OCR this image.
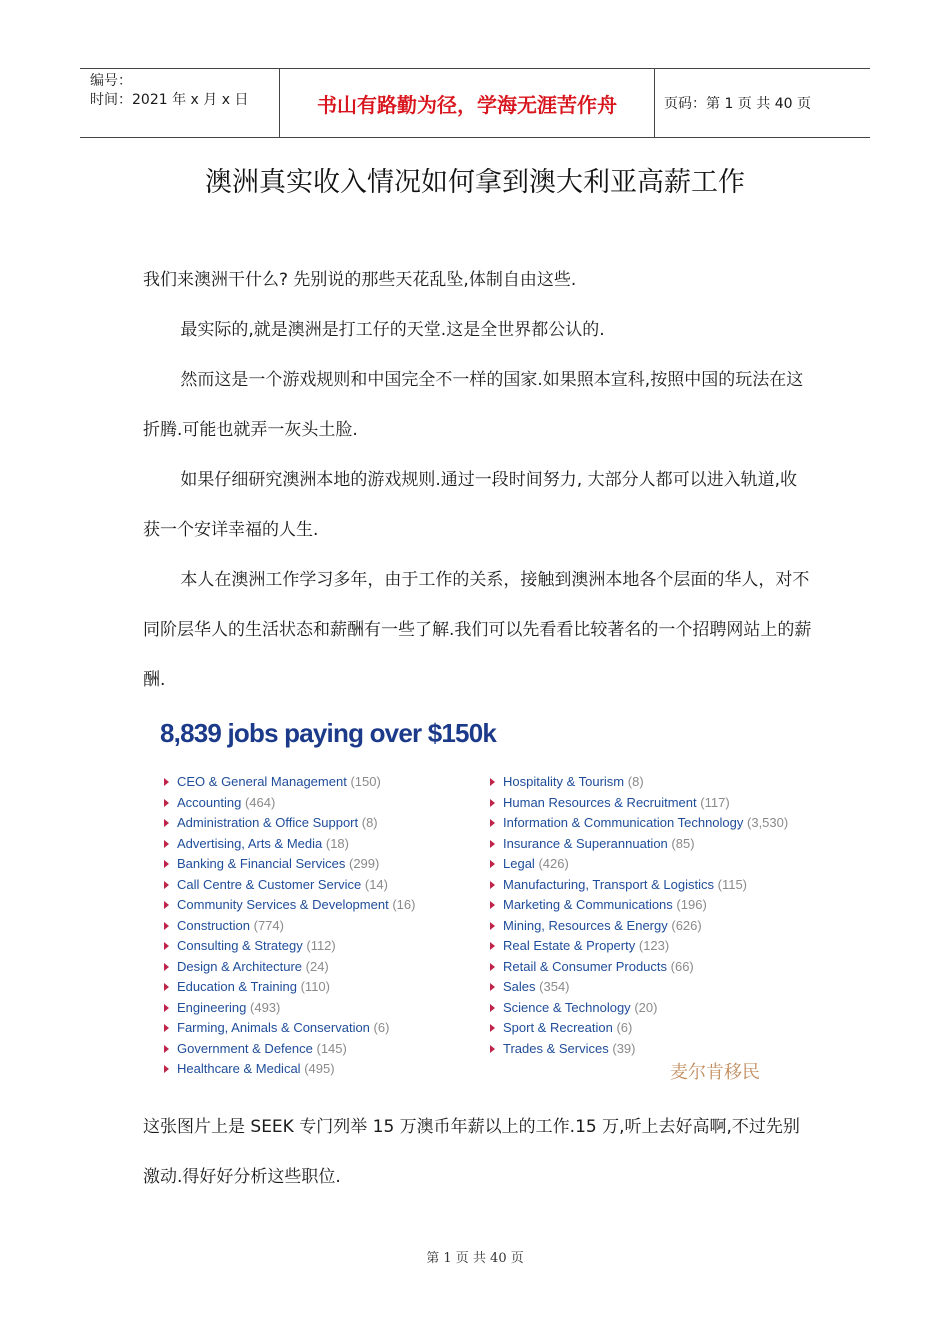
编号：
时间：2021 年 x 月 x 日	书山有路勤为径，学海无涯苦作舟	页码：第 1 页 共 40 页
澳洲真实收入情况如何拿到澳大利亚高薪工作

我们来澳洲干什么? 先别说的那些天花乱坠,体制自由这些.

最实际的,就是澳洲是打工仔的天堂.这是全世界都公认的.

然而这是一个游戏规则和中国完全不一样的国家.如果照本宣科,按照中国的玩法在这折腾.可能也就弄一灰头土脸.

如果仔细研究澳洲本地的游戏规则.通过一段时间努力, 大部分人都可以进入轨道,收获一个安详幸福的人生.

本人在澳洲工作学习多年，由于工作的关系，接触到澳洲本地各个层面的华人，对不同阶层华人的生活状态和薪酬有一些了解.我们可以先看看比较著名的一个招聘网站上的薪酬.

8,839 jobs paying over $150k
CEO & General Management (150)
Accounting (464)
Administration & Office Support (8)
Advertising, Arts & Media (18)
Banking & Financial Services (299)
Call Centre & Customer Service (14)
Community Services & Development (16)
Construction (774)
Consulting & Strategy (112)
Design & Architecture (24)
Education & Training (110)
Engineering (493)
Farming, Animals & Conservation (6)
Government & Defence (145)
Healthcare & Medical (495)
Hospitality & Tourism (8)
Human Resources & Recruitment (117)
Information & Communication Technology (3,530)
Insurance & Superannuation (85)
Legal (426)
Manufacturing, Transport & Logistics (115)
Marketing & Communications (196)
Mining, Resources & Energy (626)
Real Estate & Property (123)
Retail & Consumer Products (66)
Sales (354)
Science & Technology (20)
Sport & Recreation (6)
Trades & Services (39)
麦尔肯移民

这张图片上是 SEEK 专门列举 15 万澳币年薪以上的工作.15 万,听上去好高啊,不过先别激动.得好好分析这些职位.

第 1 页 共 40 页
